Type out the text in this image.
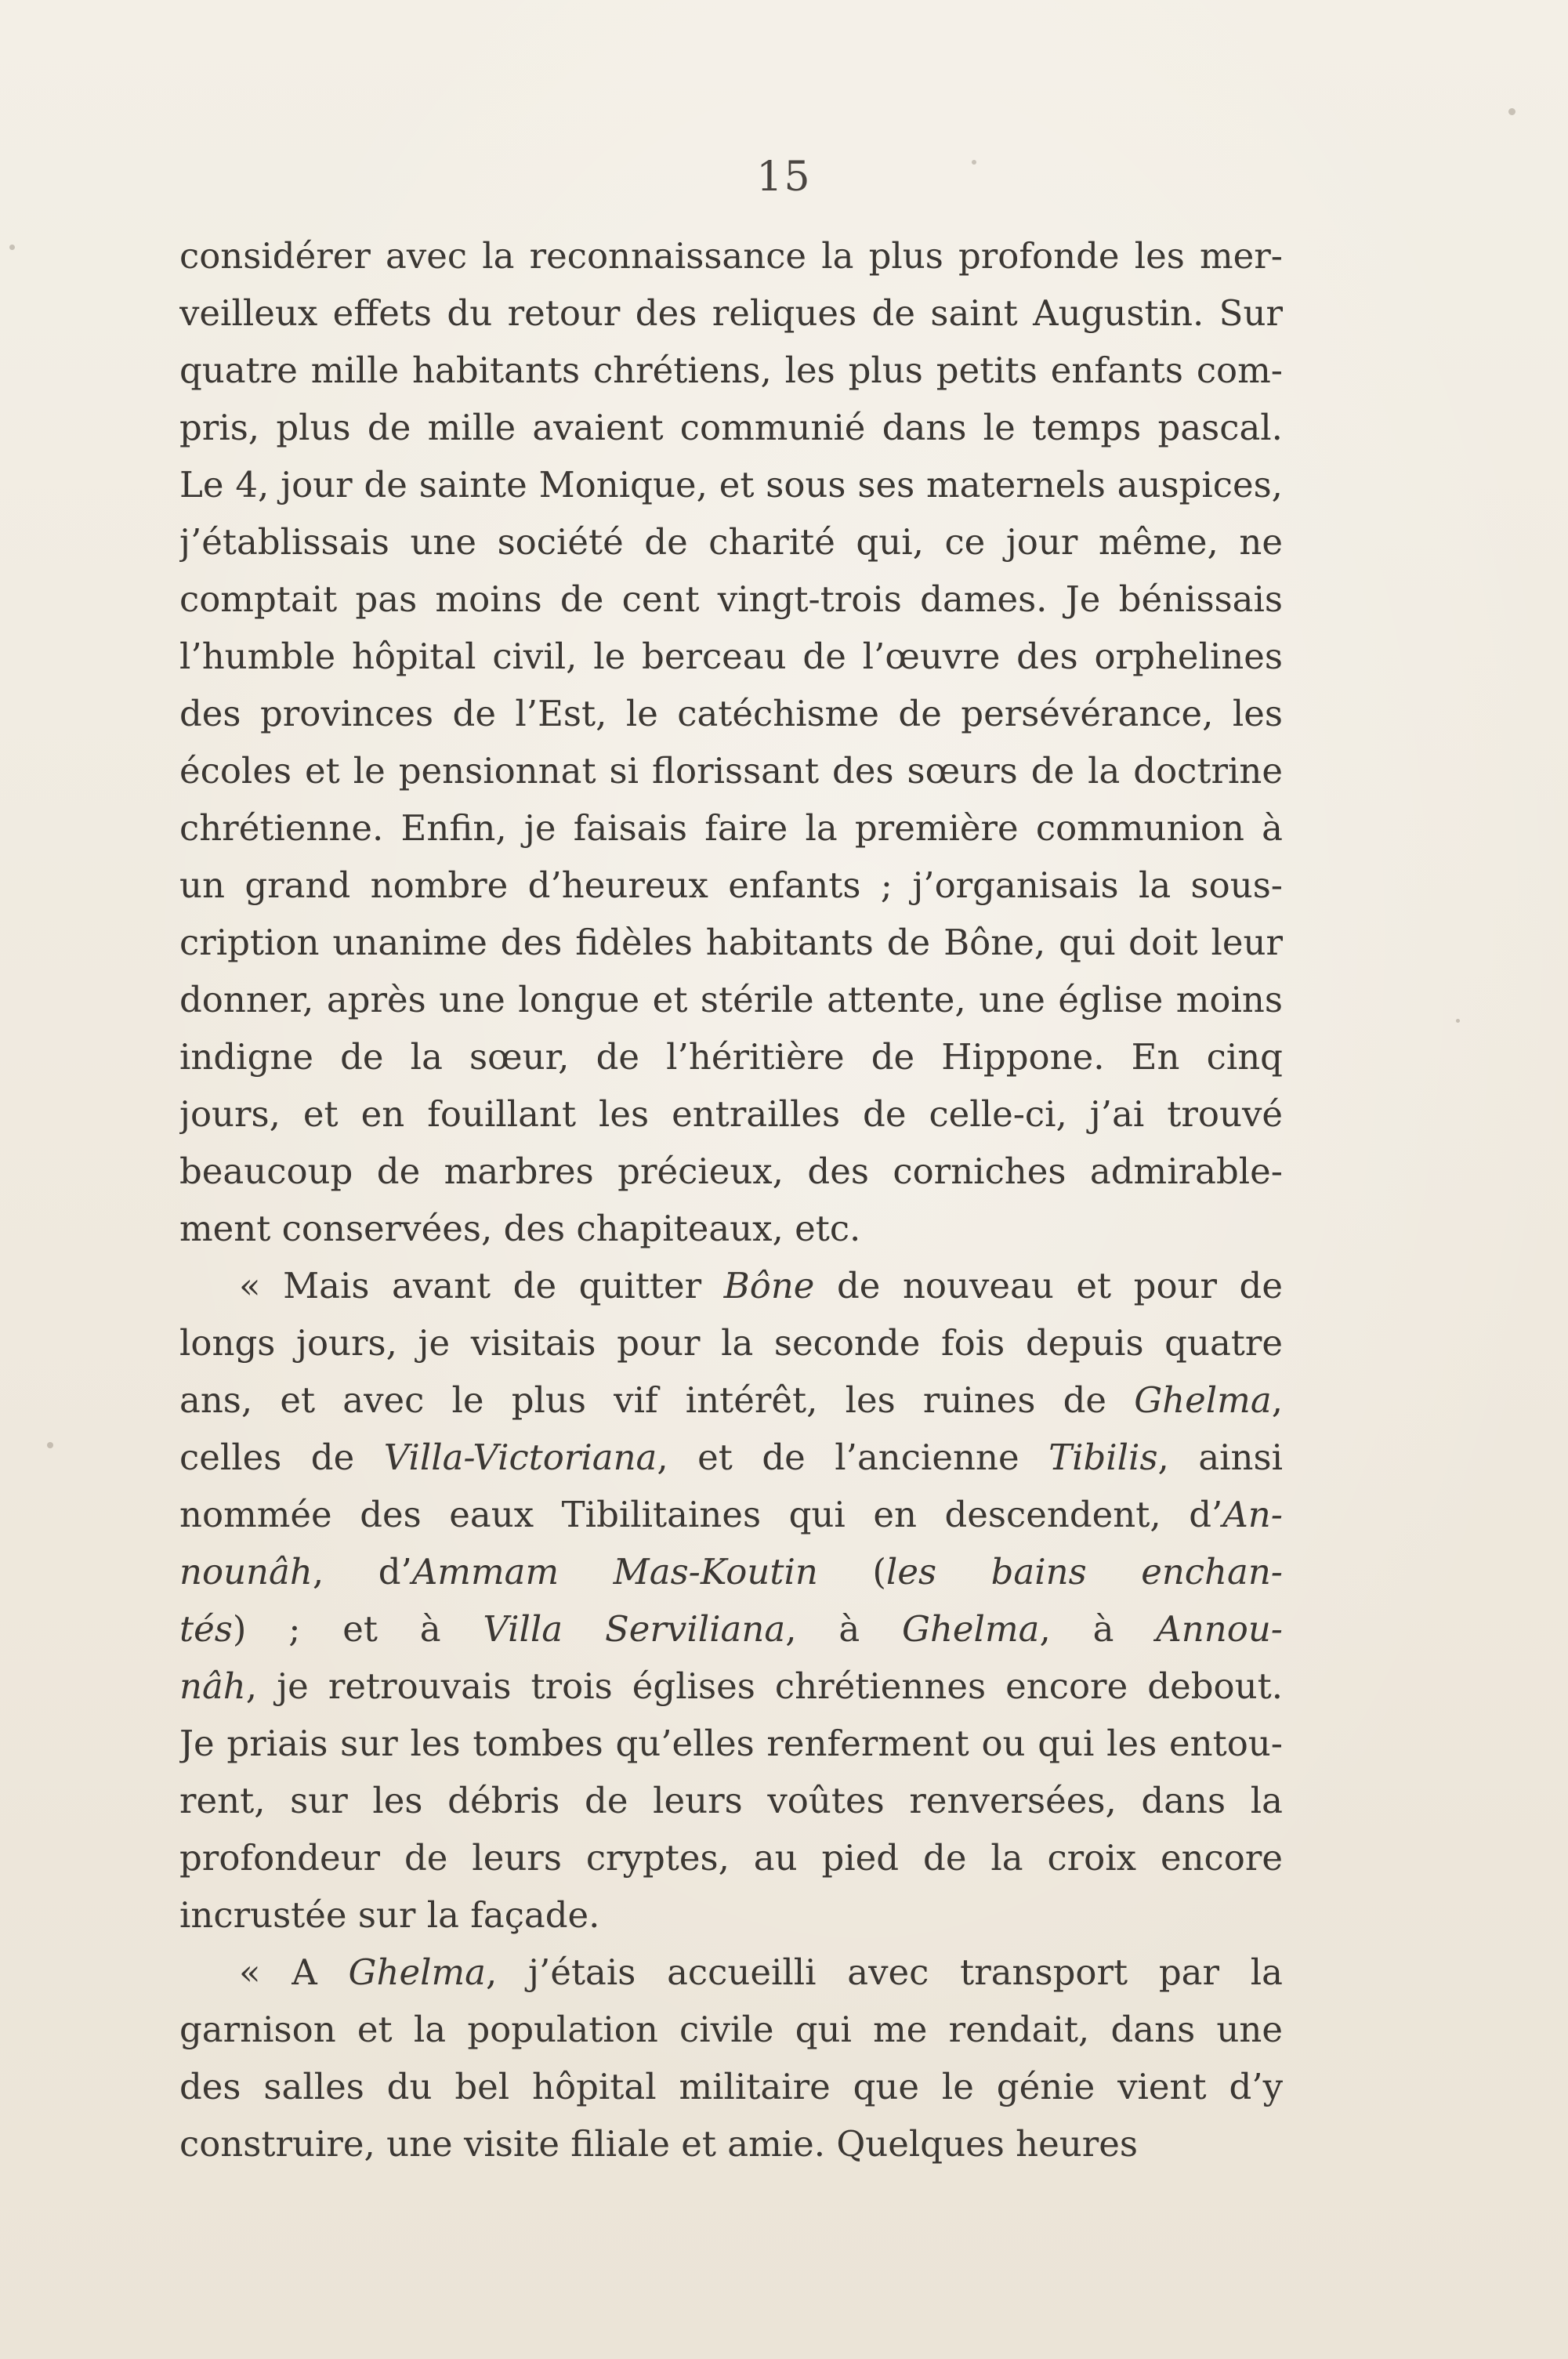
15
considérer avec la reconnaissance la plus profonde les mer-
veilleux effets du retour des reliques de saint Augustin. Sur
quatre mille habitants chrétiens, les plus petits enfants com-
pris, plus de mille avaient communié dans le temps pascal.
Le 4, jour de sainte Monique, et sous ses maternels auspices,
j’établissais une société de charité qui, ce jour même, ne
comptait pas moins de cent vingt-trois dames. Je bénissais
l’humble hôpital civil, le berceau de l’œuvre des orphelines
des provinces de l’Est, le catéchisme de persévérance, les
écoles et le pensionnat si florissant des sœurs de la doctrine
chrétienne. Enfin, je faisais faire la première communion à
un grand nombre d’heureux enfants ; j’organisais la sous-
cription unanime des fidèles habitants de Bône, qui doit leur
donner, après une longue et stérile attente, une église moins
indigne de la sœur, de l’héritière de Hippone. En cinq
jours, et en fouillant les entrailles de celle-ci, j’ai trouvé
beaucoup de marbres précieux, des corniches admirable-
ment conservées, des chapiteaux, etc.
« Mais avant de quitter Bône de nouveau et pour de
longs jours, je visitais pour la seconde fois depuis quatre
ans, et avec le plus vif intérêt, les ruines de Ghelma,
celles de Villa-Victoriana, et de l’ancienne Tibilis, ainsi
nommée des eaux Tibilitaines qui en descendent, d’An-
nounâh, d’Ammam Mas-Koutin (les bains enchan-
tés) ; et à Villa Serviliana, à Ghelma, à Annou-
nâh, je retrouvais trois églises chrétiennes encore debout.
Je priais sur les tombes qu’elles renferment ou qui les entou-
rent, sur les débris de leurs voûtes renversées, dans la
profondeur de leurs cryptes, au pied de la croix encore
incrustée sur la façade.
« A Ghelma, j’étais accueilli avec transport par la
garnison et la population civile qui me rendait, dans une
des salles du bel hôpital militaire que le génie vient d’y
construire, une visite filiale et amie. Quelques heures
